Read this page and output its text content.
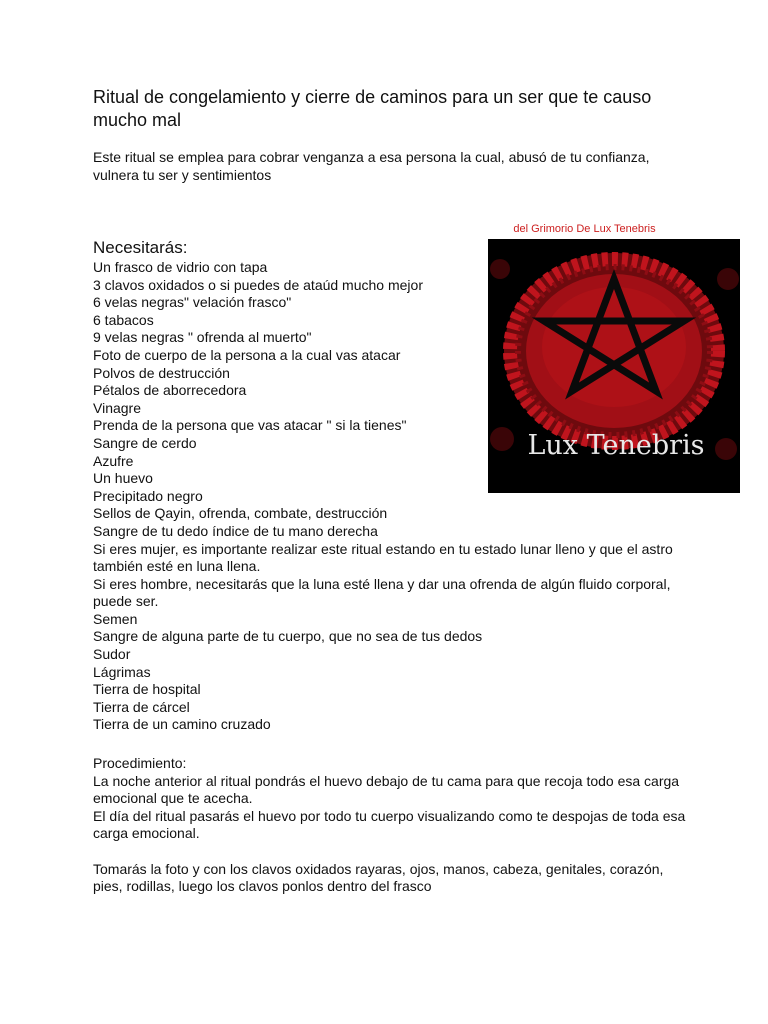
Ritual de congelamiento y cierre de caminos para un ser que te causo mucho mal

Este ritual se emplea para cobrar venganza a esa persona la cual, abusó de tu confianza, vulnera tu ser y sentimientos

del Grimorio De Lux Tenebris
Lux Tenebris
Necesitarás:
Un frasco de vidrio con tapa
3 clavos oxidados o si puedes de ataúd mucho mejor
6 velas negras" velación frasco"
6 tabacos
9 velas negras " ofrenda al muerto"
Foto de cuerpo de la persona a la cual vas atacar
Polvos de destrucción
Pétalos de aborrecedora
Vinagre
Prenda de la persona que vas atacar " si la tienes"
Sangre de cerdo
Azufre
Un huevo
Precipitado negro
Sellos de Qayin, ofrenda, combate, destrucción
Sangre de tu dedo índice de tu mano derecha
Si eres mujer, es importante realizar este ritual estando en tu estado lunar lleno y que el astro también esté en luna llena.
Si eres hombre, necesitarás que la luna esté llena y dar una ofrenda de algún fluido corporal, puede ser.
Semen
Sangre de alguna parte de tu cuerpo, que no sea de tus dedos
Sudor
Lágrimas
Tierra de hospital
Tierra de cárcel
Tierra de un camino cruzado

Procedimiento:

La noche anterior al ritual pondrás el huevo debajo de tu cama para que recoja todo esa carga emocional que te acecha.

El día del ritual pasarás el huevo por todo tu cuerpo visualizando como te despojas de toda esa carga emocional.

Tomarás la foto y con los clavos oxidados rayaras, ojos, manos, cabeza, genitales, corazón, pies, rodillas, luego los clavos ponlos dentro del frasco
